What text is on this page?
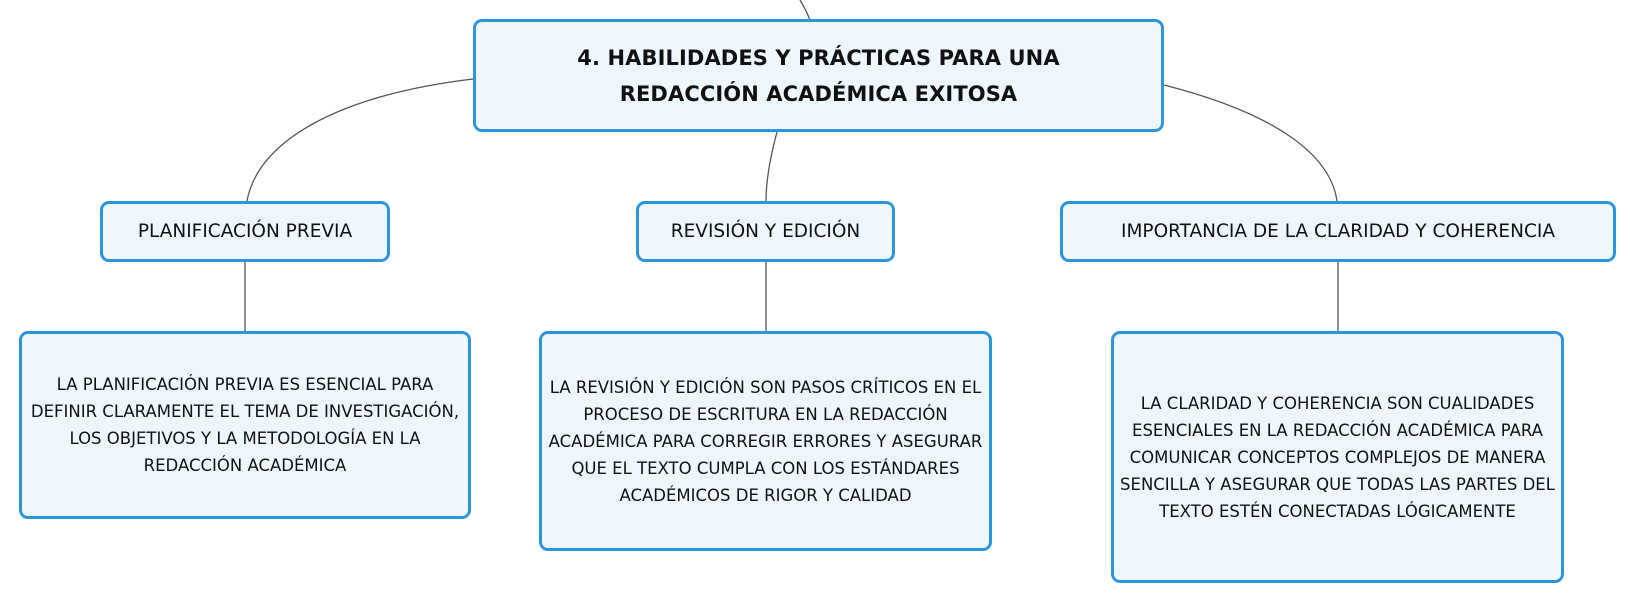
4. HABILIDADES Y PRÁCTICAS PARA UNA REDACCIÓN ACADÉMICA EXITOSA
PLANIFICACIÓN PREVIA	REVISIÓN Y EDICIÓN	IMPORTANCIA DE LA CLARIDAD Y COHERENCIA
LA PLANIFICACIÓN PREVIA ES ESENCIAL PARA DEFINIR CLARAMENTE EL TEMA DE INVESTIGACIÓN, LOS OBJETIVOS Y LA METODOLOGÍA EN LA REDACCIÓN ACADÉMICA
LA REVISIÓN Y EDICIÓN SON PASOS CRÍTICOS EN EL PROCESO DE ESCRITURA EN LA REDACCIÓN ACADÉMICA PARA CORREGIR ERRORES Y ASEGURAR QUE EL TEXTO CUMPLA CON LOS ESTÁNDARES ACADÉMICOS DE RIGOR Y CALIDAD
LA CLARIDAD Y COHERENCIA SON CUALIDADES ESENCIALES EN LA REDACCIÓN ACADÉMICA PARA COMUNICAR CONCEPTOS COMPLEJOS DE MANERA SENCILLA Y ASEGURAR QUE TODAS LAS PARTES DEL TEXTO ESTÉN CONECTADAS LÓGICAMENTE
